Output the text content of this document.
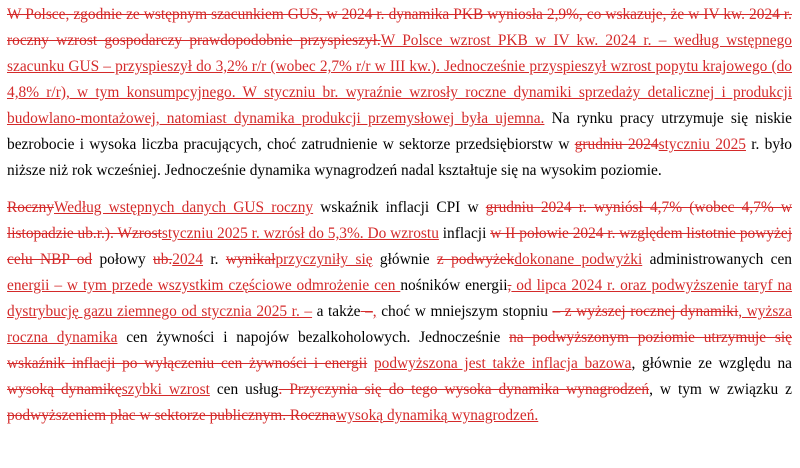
W Polsce, zgodnie ze wstępnym szacunkiem GUS, w 2024 r. dynamika PKB wyniosła 2,9%, co wskazuje, że w IV kw. 2024 r. roczny wzrost gospodarczy prawdopodobnie przyspieszył.W Polsce wzrost PKB w IV kw. 2024 r. – według wstępnego szacunku GUS – przyspieszył do 3,2% r/r (wobec 2,7% r/r w III kw.). Jednocześnie przyspieszył wzrost popytu krajowego (do 4,8% r/r), w tym konsumpcyjnego. W styczniu br. wyraźnie wzrosły roczne dynamiki sprzedaży detalicznej i produkcji budowlano-montażowej, natomiast dynamika produkcji przemysłowej była ujemna. Na rynku pracy utrzymuje się niskie bezrobocie i wysoka liczba pracujących, choć zatrudnienie w sektorze przedsiębiorstw w grudniu 2024styczniu 2025 r. było niższe niż rok wcześniej. Jednocześnie dynamika wynagrodzeń nadal kształtuje się na wysokim poziomie.

RocznyWedług wstępnych danych GUS roczny wskaźnik inflacji CPI w grudniu 2024 r. wyniósł 4,7% (wobec 4,7% w listopadzie ub.r.). Wzroststyczniu 2025 r. wzrósł do 5,3%. Do wzrostu inflacji w II połowie 2024 r. względem listotnie powyżej celu NBP od połowy ub.2024 r. wynikałprzyczyniły się głównie z podwyżekdokonane podwyżki administrowanych cen energii – w tym przede wszystkim częściowe odmrożenie cen nośników energii, od lipca 2024 r. oraz podwyższenie taryf na dystrybucję gazu ziemnego od stycznia 2025 r. – a także –, choć w mniejszym stopniu – z wyższej rocznej dynamiki, wyższa roczna dynamika cen żywności i napojów bezalkoholowych. Jednocześnie na podwyższonym poziomie utrzymuje się wskaźnik inflacji po wyłączeniu cen żywności i energii podwyższona jest także inflacja bazowa, głównie ze względu na wysoką dynamikęszybki wzrost cen usług. Przyczynia się do tego wysoka dynamika wynagrodzeń, w tym w związku z podwyższeniem płac w sektorze publicznym. Rocznawysoką dynamiką wynagrodzeń.
